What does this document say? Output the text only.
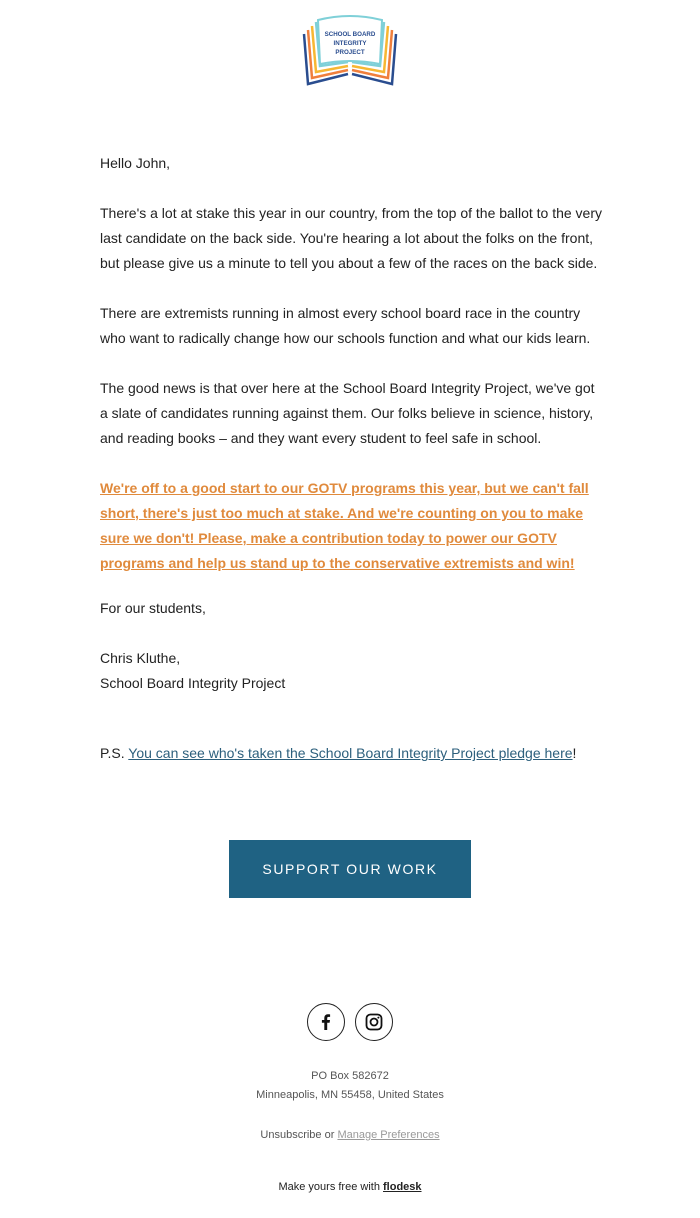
SCHOOL BOARD
INTEGRITY
PROJECT

Hello John,

There's a lot at stake this year in our country, from the top of the ballot to the very last candidate on the back side. You're hearing a lot about the folks on the front, but please give us a minute to tell you about a few of the races on the back side.

There are extremists running in almost every school board race in the country who want to radically change how our schools function and what our kids learn.

The good news is that over here at the School Board Integrity Project, we've got a slate of candidates running against them. Our folks believe in science, history, and reading books – and they want every student to feel safe in school.

We're off to a good start to our GOTV programs this year, but we can't fall short, there's just too much at stake. And we're counting on you to make sure we don't! Please, make a contribution today to power our GOTV programs and help us stand up to the conservative extremists and win!

For our students,

Chris Kluthe,
School Board Integrity Project
P.S. You can see who's taken the School Board Integrity Project pledge here!
SUPPORT OUR WORK
PO Box 582672
Minneapolis, MN 55458, United States
Unsubscribe or Manage Preferences
Make yours free with flodesk
